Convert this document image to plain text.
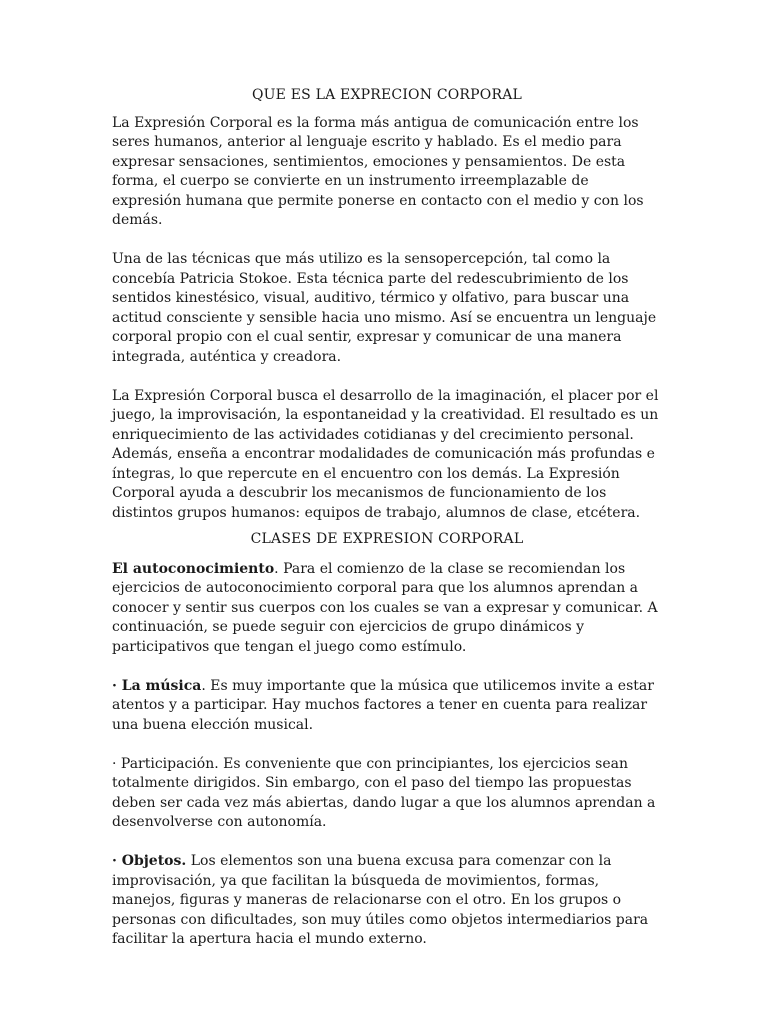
QUE ES LA EXPRECION CORPORAL

La Expresión Corporal es la forma más antigua de comunicación entre los seres humanos, anterior al lenguaje escrito y hablado. Es el medio para expresar sensaciones, sentimientos, emociones y pensamientos. De esta forma, el cuerpo se convierte en un instrumento irreemplazable de expresión humana que permite ponerse en contacto con el medio y con los demás.

Una de las técnicas que más utilizo es la sensopercepción, tal como la concebía Patricia Stokoe. Esta técnica parte del redescubrimiento de los sentidos kinestésico, visual, auditivo, térmico y olfativo, para buscar una actitud consciente y sensible hacia uno mismo. Así se encuentra un lenguaje corporal propio con el cual sentir, expresar y comunicar de una manera integrada, auténtica y creadora.

La Expresión Corporal busca el desarrollo de la imaginación, el placer por el juego, la improvisación, la espontaneidad y la creatividad. El resultado es un enriquecimiento de las actividades cotidianas y del crecimiento personal. Además, enseña a encontrar modalidades de comunicación más profundas e íntegras, lo que repercute en el encuentro con los demás. La Expresión Corporal ayuda a descubrir los mecanismos de funcionamiento de los distintos grupos humanos: equipos de trabajo, alumnos de clase, etcétera.

CLASES DE EXPRESION CORPORAL

El autoconocimiento. Para el comienzo de la clase se recomiendan los ejercicios de autoconocimiento corporal para que los alumnos aprendan a conocer y sentir sus cuerpos con los cuales se van a expresar y comunicar. A continuación, se puede seguir con ejercicios de grupo dinámicos y participativos que tengan el juego como estímulo.

· La música. Es muy importante que la música que utilicemos invite a estar atentos y a participar. Hay muchos factores a tener en cuenta para realizar una buena elección musical.

· Participación. Es conveniente que con principiantes, los ejercicios sean totalmente dirigidos. Sin embargo, con el paso del tiempo las propuestas deben ser cada vez más abiertas, dando lugar a que los alumnos aprendan a desenvolverse con autonomía.

· Objetos. Los elementos son una buena excusa para comenzar con la improvisación, ya que facilitan la búsqueda de movimientos, formas, manejos, figuras y maneras de relacionarse con el otro. En los grupos o personas con dificultades, son muy útiles como objetos intermediarios para facilitar la apertura hacia el mundo externo.
